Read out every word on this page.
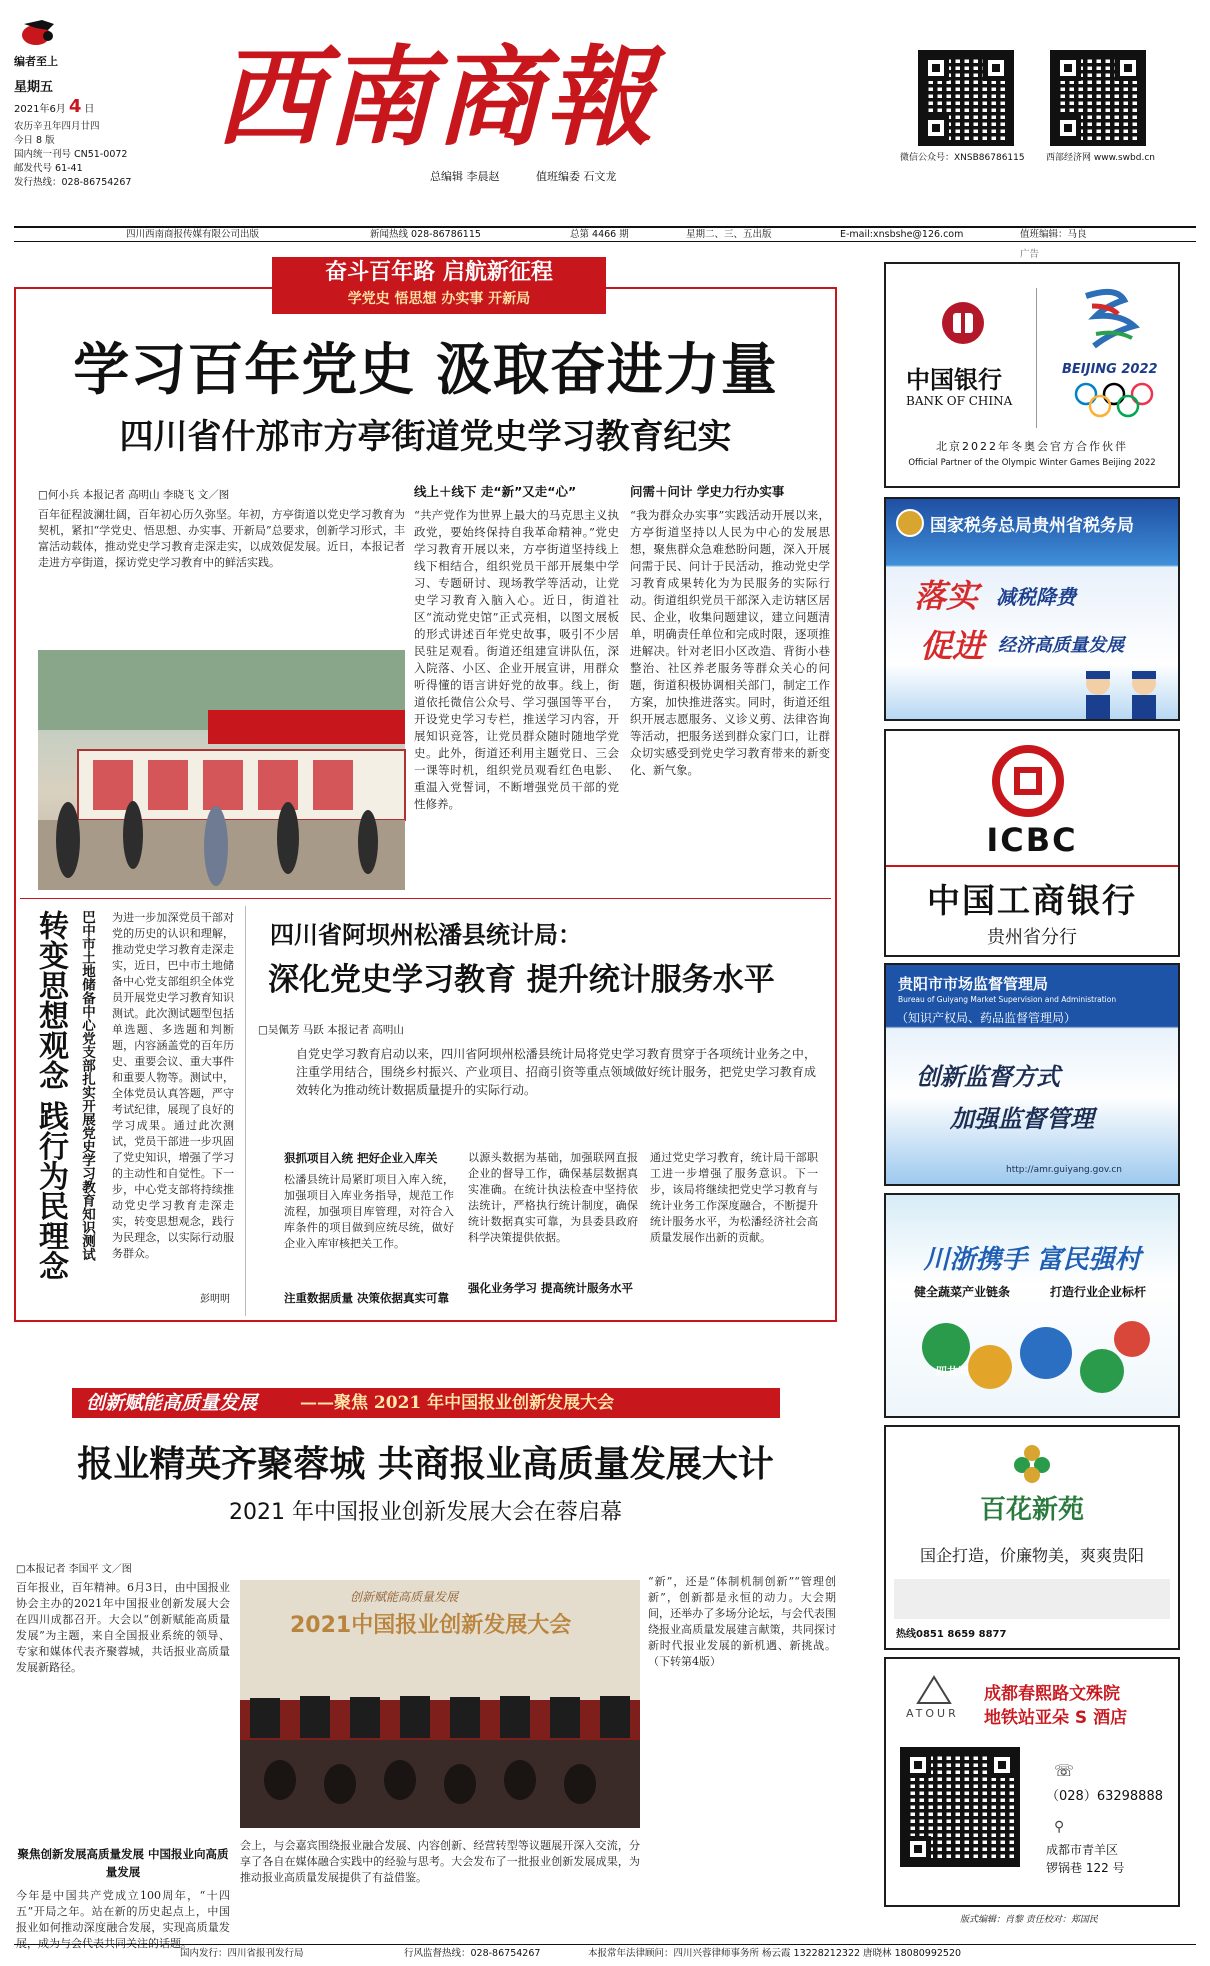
编者至上
星期五
2021年6月 4 日
农历辛丑年四月廿四
今日 8 版
国内统一刊号 CN51-0072
邮发代号 61-41
发行热线：028-86754267
西南商報
总编辑 李晨赵	值班编委 石文龙
微信公众号：XNSB86786115 西部经济网 www.swbd.cn
四川西南商报传媒有限公司出版	新闻热线 028-86786115	总第 4466 期	星期二、三、五出版	E-mail:xnsbshe@126.com	值班编辑：马良
奋斗百年路 启航新征程
学党史 悟思想 办实事 开新局
学习百年党史 汲取奋进力量
四川省什邡市方亭街道党史学习教育纪实
□何小兵 本报记者 高明山 李晓飞 文／图	线上＋线下 走“新”又走“心”	问需＋问计 学史力行办实事
百年征程波澜壮阔，百年初心历久弥坚。年初，方亭街道以党史学习教育为契机，紧扣“学党史、悟思想、办实事、开新局”总要求，创新学习形式，丰富活动载体，推动党史学习教育走深走实，以成效促发展。近日，本报记者走进方亭街道，探访党史学习教育中的鲜活实践。
“共产党作为世界上最大的马克思主义执政党，要始终保持自我革命精神。”党史学习教育开展以来，方亭街道坚持线上线下相结合，组织党员干部开展集中学习、专题研讨、现场教学等活动，让党史学习教育入脑入心。近日，街道社区“流动党史馆”正式亮相，以图文展板的形式讲述百年党史故事，吸引不少居民驻足观看。街道还组建宣讲队伍，深入院落、小区、企业开展宣讲，用群众听得懂的语言讲好党的故事。线上，街道依托微信公众号、学习强国等平台，开设党史学习专栏，推送学习内容，开展知识竞答，让党员群众随时随地学党史。此外，街道还利用主题党日、三会一课等时机，组织党员观看红色电影、重温入党誓词，不断增强党员干部的党性修养。
“我为群众办实事”实践活动开展以来，方亭街道坚持以人民为中心的发展思想，聚焦群众急难愁盼问题，深入开展问需于民、问计于民活动，推动党史学习教育成果转化为为民服务的实际行动。街道组织党员干部深入走访辖区居民、企业，收集问题建议，建立问题清单，明确责任单位和完成时限，逐项推进解决。针对老旧小区改造、背街小巷整治、社区养老服务等群众关心的问题，街道积极协调相关部门，制定工作方案，加快推进落实。同时，街道还组织开展志愿服务、义诊义剪、法律咨询等活动，把服务送到群众家门口，让群众切实感受到党史学习教育带来的新变化、新气象。
转变思想观念 践行为民理念 巴中市土地储备中心党支部扎实开展党史学习教育知识测试 为进一步加深党员干部对党的历史的认识和理解，推动党史学习教育走深走实，近日，巴中市土地储备中心党支部组织全体党员开展党史学习教育知识测试。此次测试题型包括单选题、多选题和判断题，内容涵盖党的百年历史、重要会议、重大事件和重要人物等。测试中，全体党员认真答题，严守考试纪律，展现了良好的学习成果。通过此次测试，党员干部进一步巩固了党史知识，增强了学习的主动性和自觉性。下一步，中心党支部将持续推动党史学习教育走深走实，转变思想观念，践行为民理念，以实际行动服务群众。
彭明明
四川省阿坝州松潘县统计局：
深化党史学习教育 提升统计服务水平
□吴佩芳 马跃 本报记者 高明山
自党史学习教育启动以来，四川省阿坝州松潘县统计局将党史学习教育贯穿于各项统计业务之中，注重学用结合，围绕乡村振兴、产业项目、招商引资等重点领域做好统计服务，把党史学习教育成效转化为推动统计数据质量提升的实际行动。
狠抓项目入统 把好企业入库关
松潘县统计局紧盯项目入库入统，加强项目入库业务指导，规范工作流程，加强项目库管理，对符合入库条件的项目做到应统尽统，做好企业入库审核把关工作。
注重数据质量 决策依据真实可靠
以源头数据为基础，加强联网直报企业的督导工作，确保基层数据真实准确。在统计执法检查中坚持依法统计，严格执行统计制度，确保统计数据真实可靠，为县委县政府科学决策提供依据。
强化业务学习 提高统计服务水平
通过党史学习教育，统计局干部职工进一步增强了服务意识。下一步，该局将继续把党史学习教育与统计业务工作深度融合，不断提升统计服务水平，为松潘经济社会高质量发展作出新的贡献。
创新赋能高质量发展	——聚焦 2021 年中国报业创新发展大会
报业精英齐聚蓉城 共商报业高质量发展大计
2021 年中国报业创新发展大会在蓉启幕
□本报记者 李国平 文／图
百年报业，百年精神。6月3日，由中国报业协会主办的2021年中国报业创新发展大会在四川成都召开。大会以“创新赋能高质量发展”为主题，来自全国报业系统的领导、专家和媒体代表齐聚蓉城，共话报业高质量发展新路径。
聚焦创新发展高质量发展 中国报业向高质量发展
今年是中国共产党成立100周年，“十四五”开局之年。站在新的历史起点上，中国报业如何推动深度融合发展，实现高质量发展，成为与会代表共同关注的话题。
创新赋能高质量发展
2021中国报业创新发展大会
会上，与会嘉宾围绕报业融合发展、内容创新、经营转型等议题展开深入交流，分享了各自在媒体融合实践中的经验与思考。大会发布了一批报业创新发展成果，为推动报业高质量发展提供了有益借鉴。
“新”，还是“体制机制创新”“管理创新”，创新都是永恒的动力。大会期间，还举办了多场分论坛，与会代表围绕报业高质量发展建言献策，共同探讨新时代报业发展的新机遇、新挑战。（下转第4版）
国内发行：四川省报刊发行局	行风监督热线：028-86754267	本报常年法律顾问：四川兴蓉律师事务所 杨云霞 13228212322 唐晓林 18080992520
广告
中国银行
BANK OF CHINA
BEIJING 2022
北京2022年冬奥会官方合作伙伴
Official Partner of the Olympic Winter Games Beijing 2022
国家税务总局贵州省税务局
落实 减税降费
促进 经济高质量发展
ICBC
中国工商银行
贵州省分行
贵阳市市场监督管理局
Bureau of Guiyang Market Supervision and Administration
（知识产权局、药品监督管理局）
创新监督方式
加强监督管理
http://amr.guiyang.gov.cn
川浙携手 富民强村
健全蔬菜产业链条	打造行业企业标杆
四共同
百花新苑
国企打造，价廉物美，爽爽贵阳
热线0851 8659 8877
ATOUR
成都春熙路文殊院
地铁站亚朵 S 酒店
☏
（028）63298888
⚲
成都市青羊区
锣锅巷 122 号
版式编辑：肖黎 责任校对：郑国民
